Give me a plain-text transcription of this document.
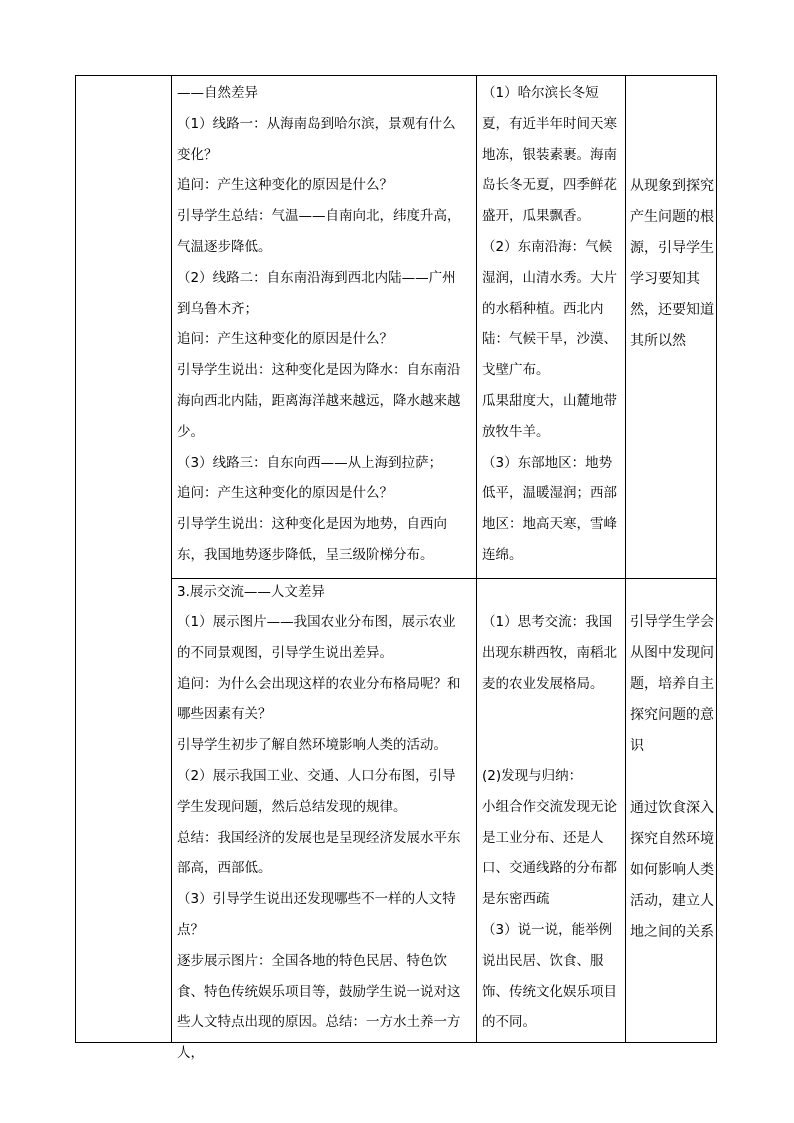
——自然差异

（1）线路一：从海南岛到哈尔滨，景观有什么变化？

追问：产生这种变化的原因是什么？

引导学生总结：气温——自南向北，纬度升高，气温逐步降低。

（2）线路二：自东南沿海到西北内陆——广州到乌鲁木齐；

追问：产生这种变化的原因是什么？

引导学生说出：这种变化是因为降水：自东南沿海向西北内陆，距离海洋越来越远，降水越来越少。

（3）线路三：自东向西——从上海到拉萨；

追问：产生这种变化的原因是什么？

引导学生说出：这种变化是因为地势，自西向东，我国地势逐步降低，呈三级阶梯分布。

（1）哈尔滨长冬短夏，有近半年时间天寒地冻，银装素裹。海南岛长冬无夏，四季鲜花盛开，瓜果飘香。

（2）东南沿海：气候湿润，山清水秀。大片的水稻种植。西北内陆：气候干旱，沙漠、戈壁广布。

瓜果甜度大，山麓地带放牧牛羊。

（3）东部地区：地势低平，温暖湿润；西部地区：地高天寒，雪峰连绵。

从现象到探究产生问题的根源，引导学生学习要知其然，还要知道其所以然

3.展示交流——人文差异

（1）展示图片——我国农业分布图，展示农业的不同景观图，引导学生说出差异。

追问：为什么会出现这样的农业分布格局呢？和哪些因素有关？

引导学生初步了解自然环境影响人类的活动。

（2）展示我国工业、交通、人口分布图，引导学生发现问题，然后总结发现的规律。

总结：我国经济的发展也是呈现经济发展水平东部高，西部低。

（3）引导学生说出还发现哪些不一样的人文特点？

逐步展示图片：全国各地的特色民居、特色饮食、特色传统娱乐项目等，鼓励学生说一说对这些人文特点出现的原因。总结：一方水土养一方人，

（1）思考交流：我国出现东耕西牧，南稻北麦的农业发展格局。

(2)发现与归纳：

小组合作交流发现无论是工业分布、还是人口、交通线路的分布都是东密西疏

（3）说一说，能举例说出民居、饮食、服饰、传统文化娱乐项目的不同。

引导学生学会从图中发现问题，培养自主探究问题的意识

通过饮食深入探究自然环境如何影响人类活动，建立人地之间的关系
